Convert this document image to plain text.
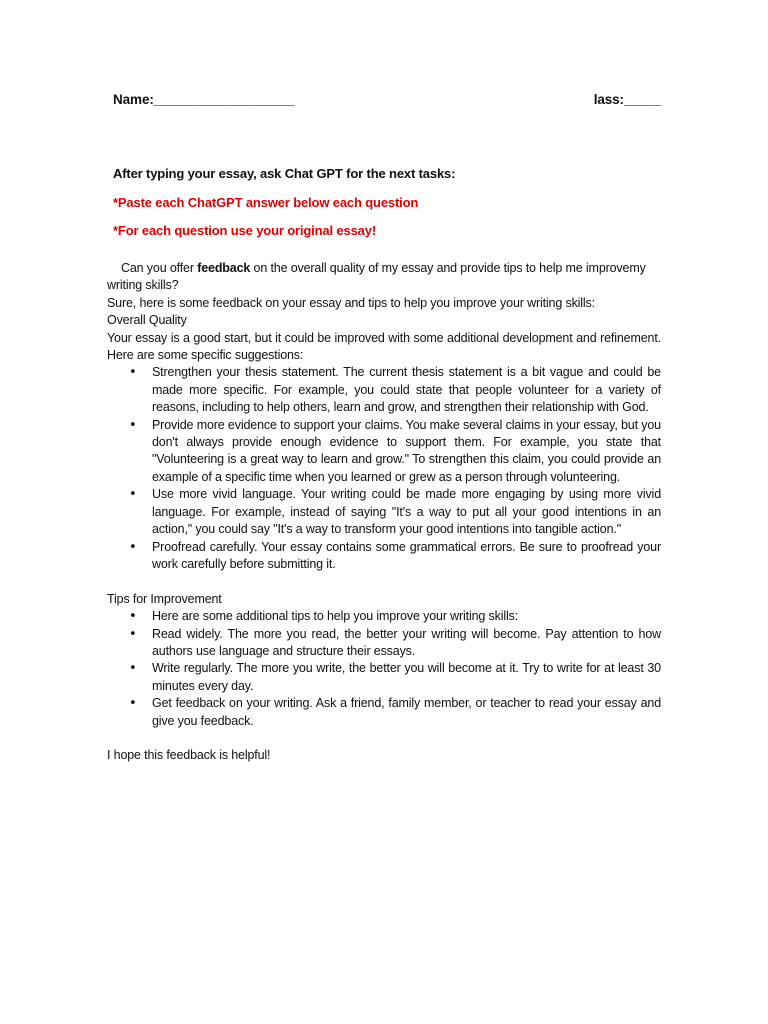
Name:___________________	lass:_____

After typing your essay, ask Chat GPT for the next tasks:

*Paste each ChatGPT answer below each question

*For each question use your original essay!

Can you offer feedback on the overall quality of my essay and provide tips to help me improvemy writing skills?

Sure, here is some feedback on your essay and tips to help you improve your writing skills:

Overall Quality

Your essay is a good start, but it could be improved with some additional development and refinement. Here are some specific suggestions:

• Strengthen your thesis statement. The current thesis statement is a bit vague and could be made more specific. For example, you could state that people volunteer for a variety of reasons, including to help others, learn and grow, and strengthen their relationship with God.
• Provide more evidence to support your claims. You make several claims in your essay, but you don't always provide enough evidence to support them. For example, you state that "Volunteering is a great way to learn and grow." To strengthen this claim, you could provide an example of a specific time when you learned or grew as a person through volunteering.
• Use more vivid language. Your writing could be made more engaging by using more vivid language. For example, instead of saying "It's a way to put all your good intentions in an action," you could say "It's a way to transform your good intentions into tangible action."
• Proofread carefully. Your essay contains some grammatical errors. Be sure to proofread your work carefully before submitting it.

Tips for Improvement

• Here are some additional tips to help you improve your writing skills:
• Read widely. The more you read, the better your writing will become. Pay attention to how authors use language and structure their essays.
• Write regularly. The more you write, the better you will become at it. Try to write for at least 30 minutes every day.
• Get feedback on your writing. Ask a friend, family member, or teacher to read your essay and give you feedback.

I hope this feedback is helpful!
